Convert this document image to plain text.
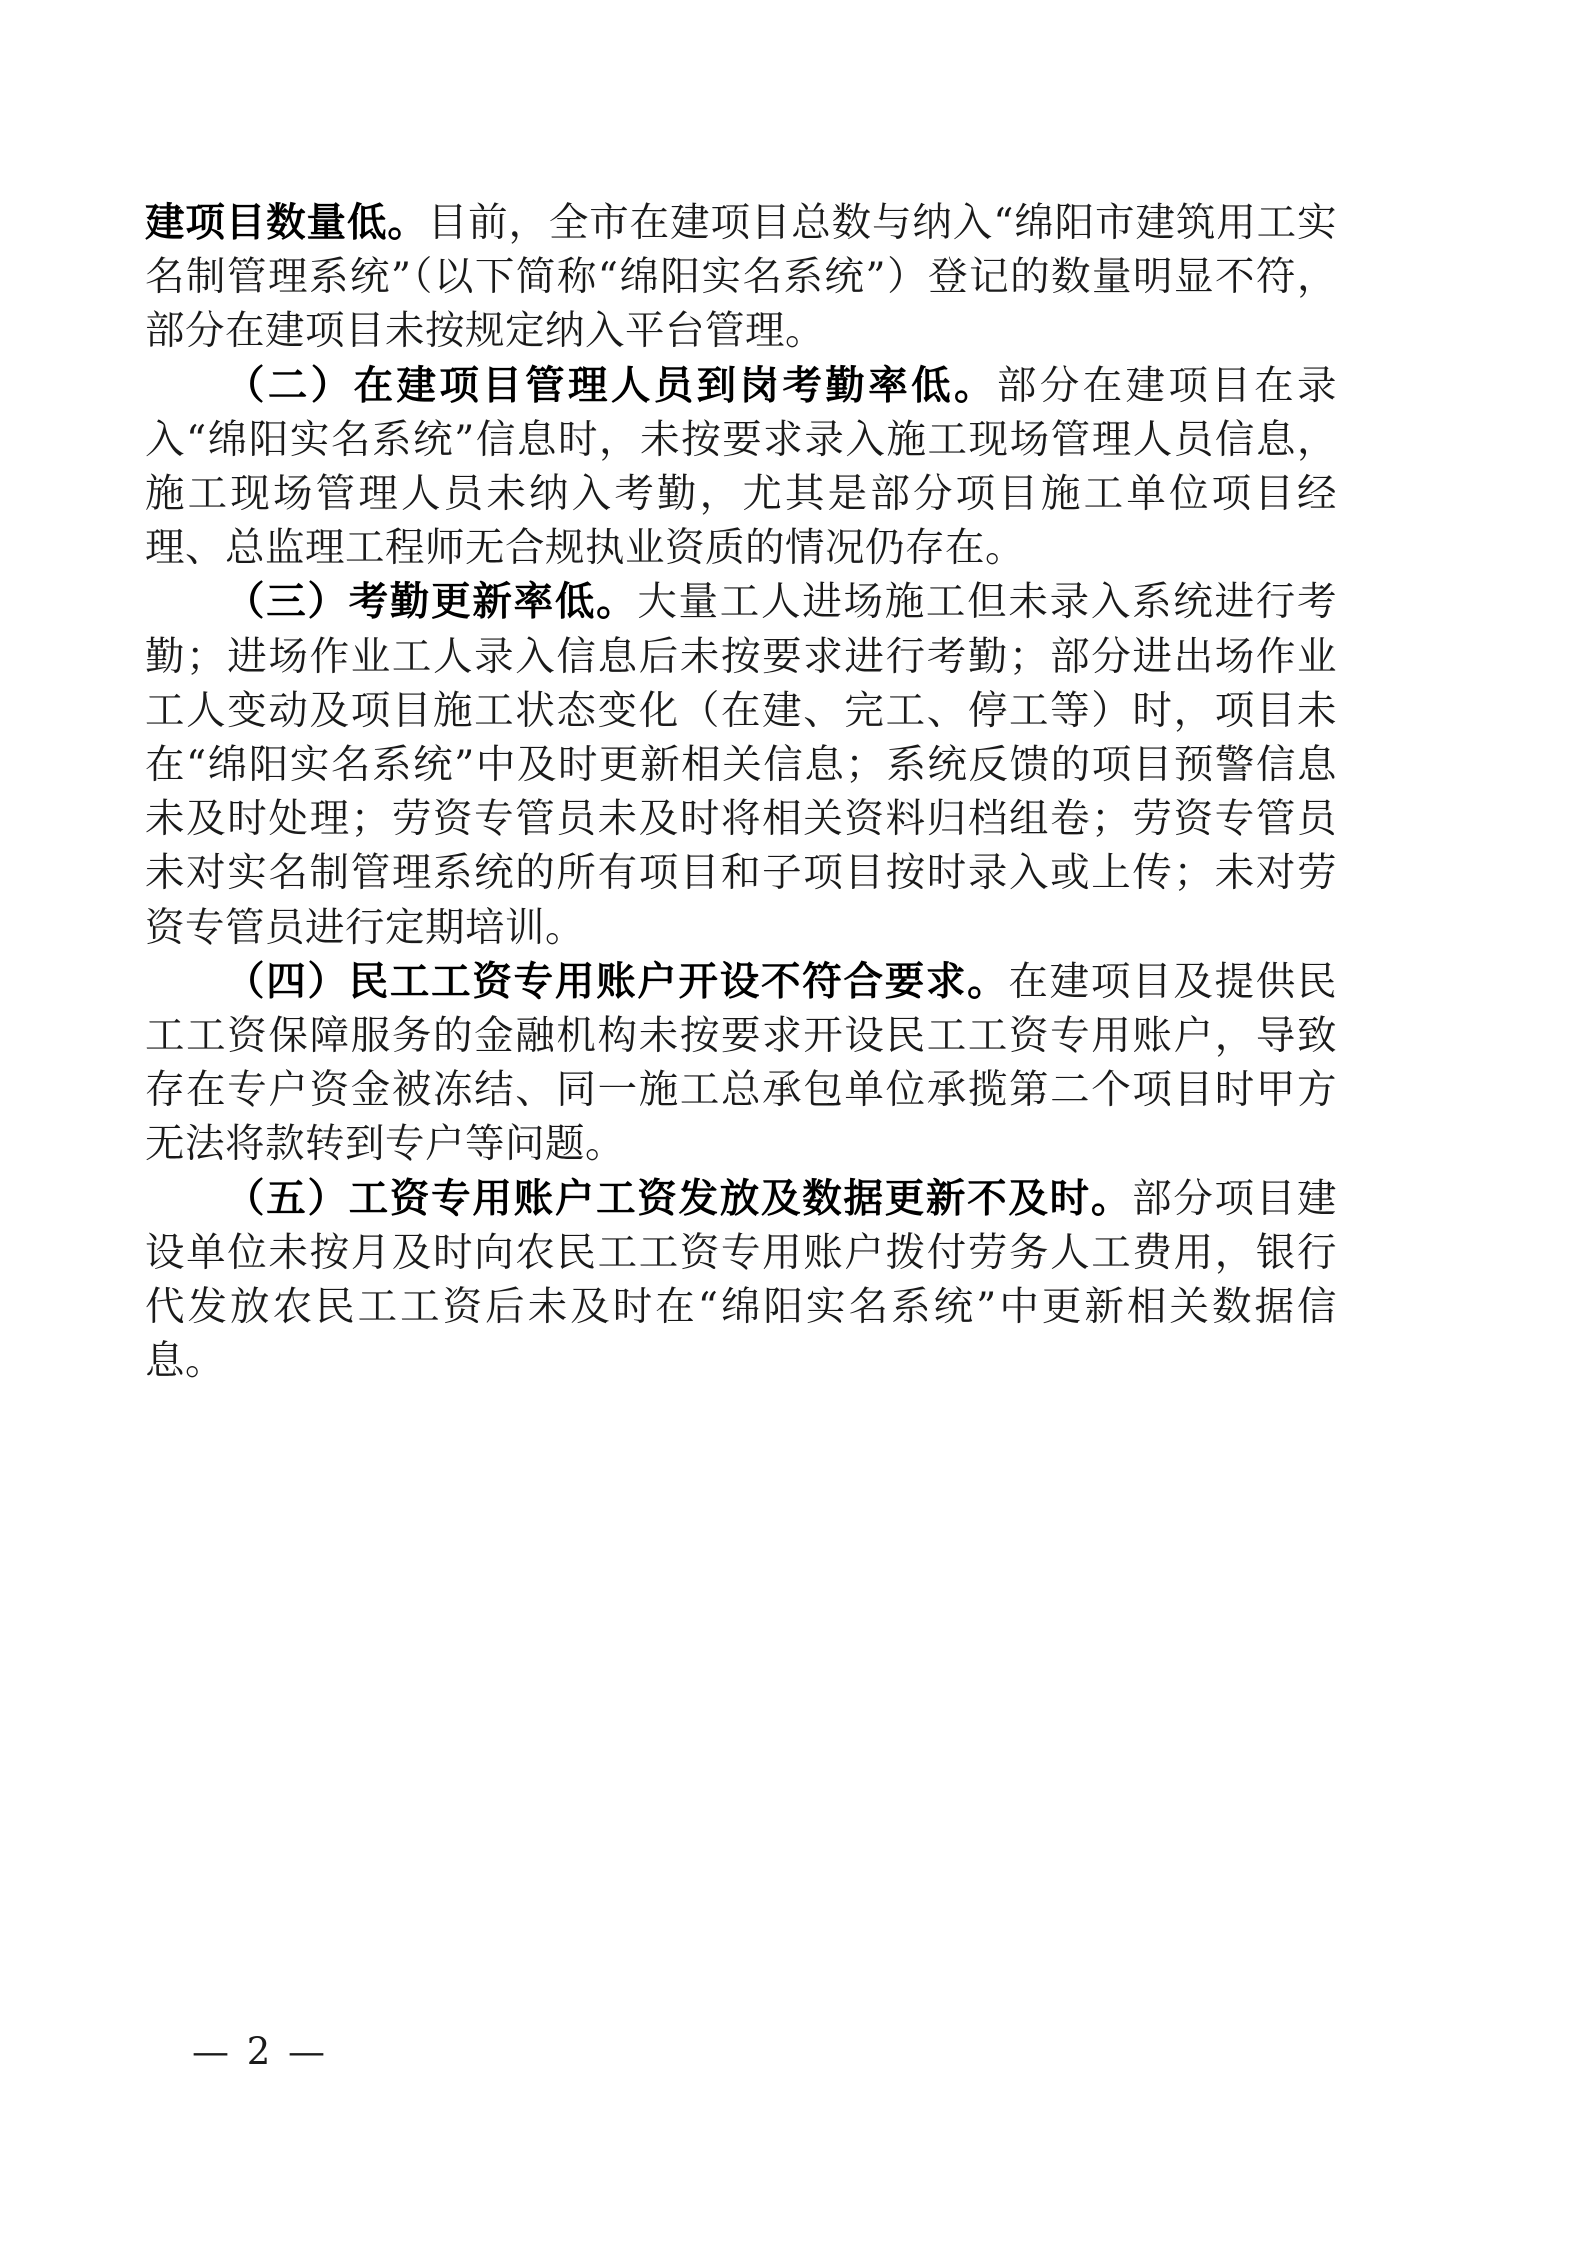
建项目数量低。目前，全市在建项目总数与纳入“绵阳市建筑用工实名制管理系统”（以下简称“绵阳实名系统”）登记的数量明显不符，部分在建项目未按规定纳入平台管理。

（二）在建项目管理人员到岗考勤率低。部分在建项目在录入“绵阳实名系统”信息时，未按要求录入施工现场管理人员信息，施工现场管理人员未纳入考勤，尤其是部分项目施工单位项目经理、总监理工程师无合规执业资质的情况仍存在。

（三）考勤更新率低。大量工人进场施工但未录入系统进行考勤；进场作业工人录入信息后未按要求进行考勤；部分进出场作业工人变动及项目施工状态变化（在建、完工、停工等）时，项目未在“绵阳实名系统”中及时更新相关信息；系统反馈的项目预警信息未及时处理；劳资专管员未及时将相关资料归档组卷；劳资专管员未对实名制管理系统的所有项目和子项目按时录入或上传；未对劳资专管员进行定期培训。

（四）民工工资专用账户开设不符合要求。在建项目及提供民工工资保障服务的金融机构未按要求开设民工工资专用账户，导致存在专户资金被冻结、同一施工总承包单位承揽第二个项目时甲方无法将款转到专户等问题。

（五）工资专用账户工资发放及数据更新不及时。部分项目建设单位未按月及时向农民工工资专用账户拨付劳务人工费用，银行代发放农民工工资后未及时在“绵阳实名系统”中更新相关数据信息。

— 2 —
